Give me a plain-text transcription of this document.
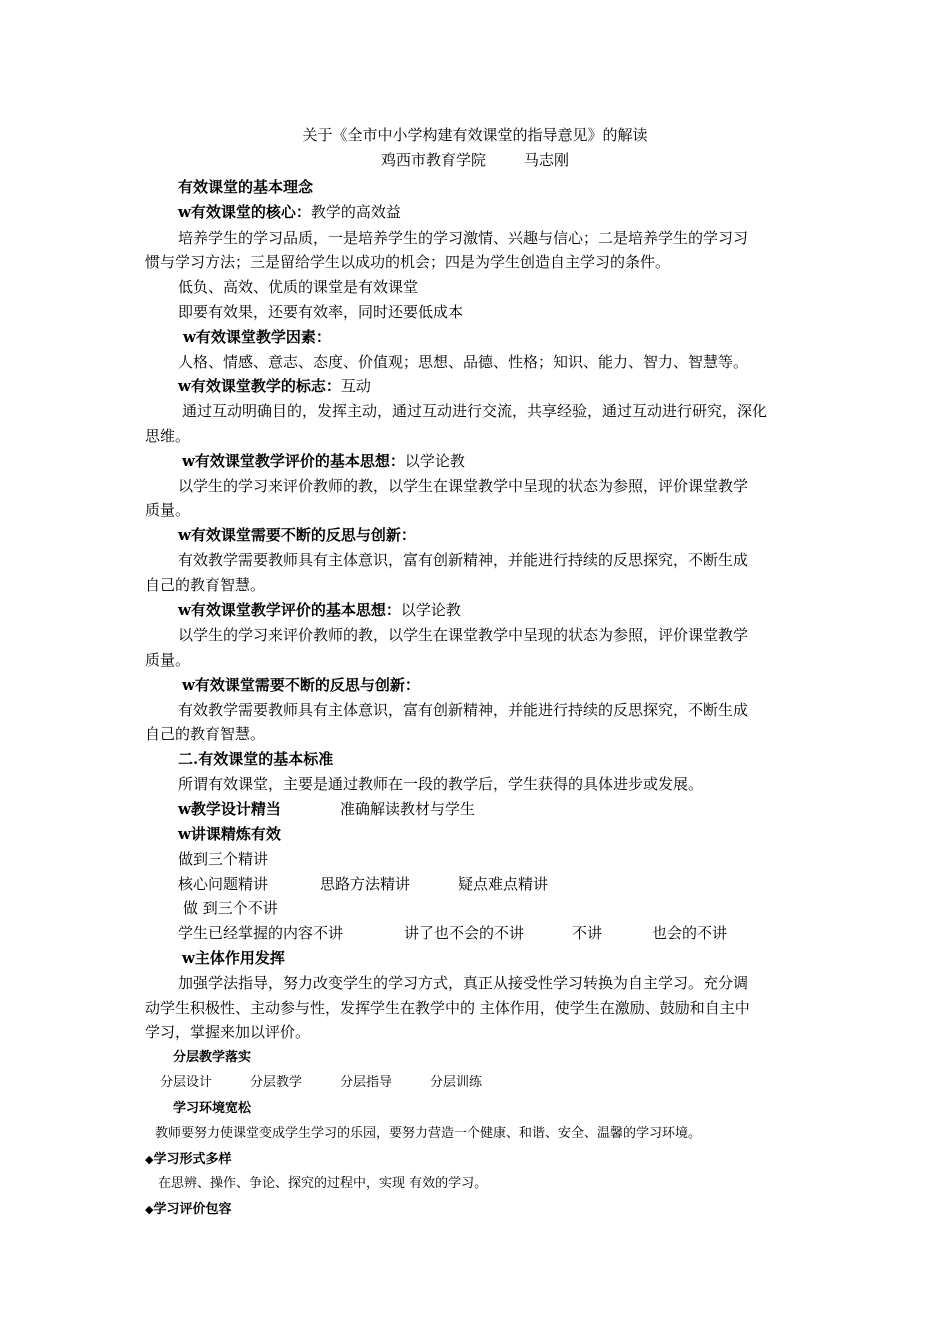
关于《全市中小学构建有效课堂的指导意见》的解读
鸡西市教育学院	马志刚
有效课堂的基本理念
w有效课堂的核心：教学的高效益
培养学生的学习品质，一是培养学生的学习激情、兴趣与信心；二是培养学生的学习习
惯与学习方法；三是留给学生以成功的机会；四是为学生创造自主学习的条件。
低负、高效、优质的课堂是有效课堂
即要有效果，还要有效率，同时还要低成本
w有效课堂教学因素：
人格、情感、意志、态度、价值观；思想、品德、性格；知识、能力、智力、智慧等。
w有效课堂教学的标志：互动
通过互动明确目的，发挥主动，通过互动进行交流，共享经验，通过互动进行研究，深化
思维。
w有效课堂教学评价的基本思想：以学论教
以学生的学习来评价教师的教，以学生在课堂教学中呈现的状态为参照，评价课堂教学
质量。
w有效课堂需要不断的反思与创新：
有效教学需要教师具有主体意识，富有创新精神，并能进行持续的反思探究，不断生成
自己的教育智慧。
w有效课堂教学评价的基本思想：以学论教
以学生的学习来评价教师的教，以学生在课堂教学中呈现的状态为参照，评价课堂教学
质量。
w有效课堂需要不断的反思与创新：
有效教学需要教师具有主体意识，富有创新精神，并能进行持续的反思探究，不断生成
自己的教育智慧。
二.有效课堂的基本标准
所谓有效课堂，主要是通过教师在一段的教学后，学生获得的具体进步或发展。
w教学设计精当	准确解读教材与学生
w讲课精炼有效
做到三个精讲
核心问题精讲	思路方法精讲	疑点难点精讲
做 到三个不讲
学生已经掌握的内容不讲	讲了也不会的不讲	不讲	也会的不讲
w主体作用发挥
加强学法指导，努力改变学生的学习方式，真正从接受性学习转换为自主学习。充分调
动学生积极性、主动参与性，发挥学生在教学中的 主体作用，使学生在激励、鼓励和自主中
学习，掌握来加以评价。
分层教学落实
分层设计	分层教学	分层指导	分层训练
学习环境宽松
教师要努力使课堂变成学生学习的乐园，要努力营造一个健康、和谐、安全、温馨的学习环境。
◆学习形式多样
在思辨、操作、争论、探究的过程中，实现 有效的学习。
◆学习评价包容
